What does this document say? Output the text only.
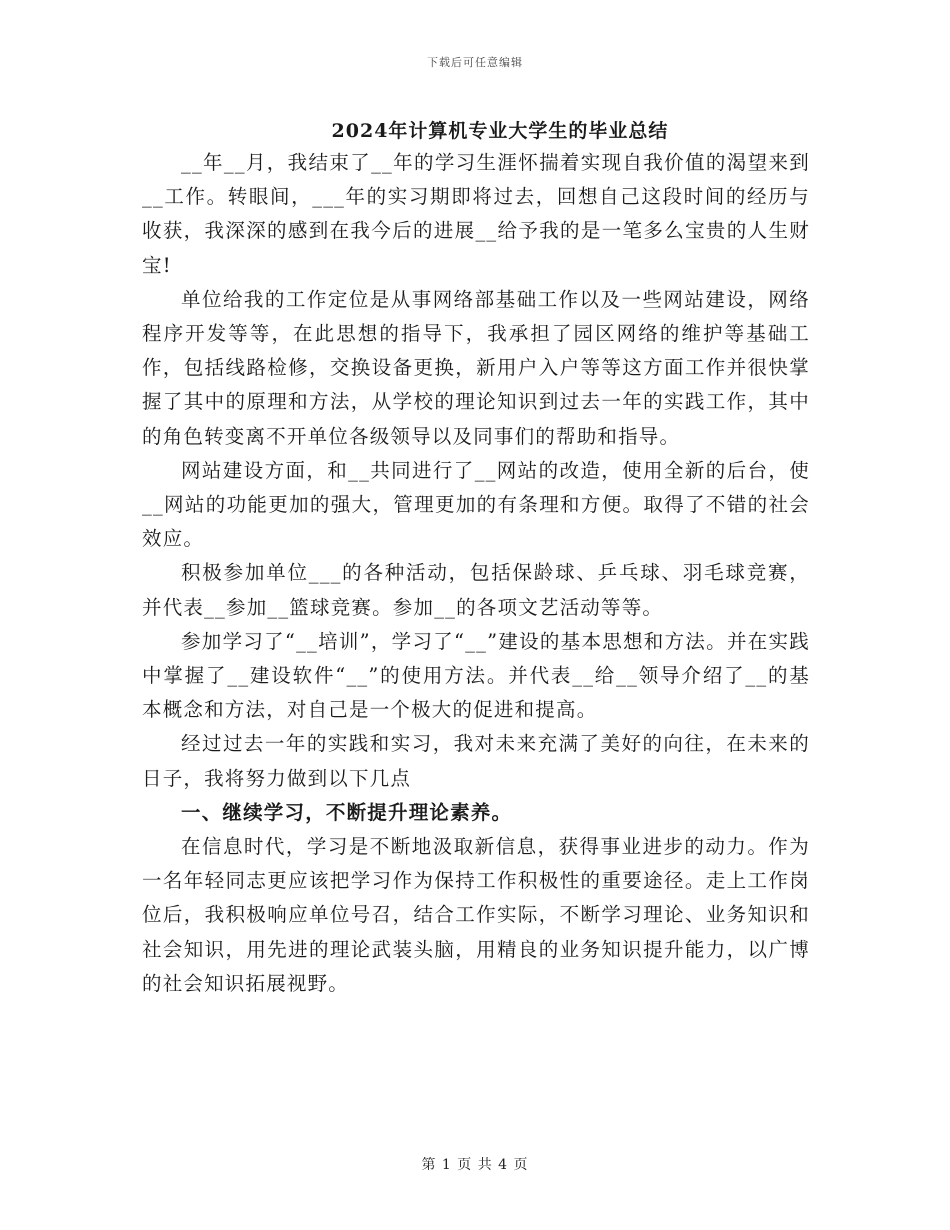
下载后可任意编辑
2024年计算机专业大学生的毕业总结

__年__月，我结束了__年的学习生涯怀揣着实现自我价值的渴望来到__工作。转眼间，___年的实习期即将过去，回想自己这段时间的经历与收获，我深深的感到在我今后的进展__给予我的是一笔多么宝贵的人生财宝!

单位给我的工作定位是从事网络部基础工作以及一些网站建设，网络程序开发等等，在此思想的指导下，我承担了园区网络的维护等基础工作，包括线路检修，交换设备更换，新用户入户等等这方面工作并很快掌握了其中的原理和方法，从学校的理论知识到过去一年的实践工作，其中的角色转变离不开单位各级领导以及同事们的帮助和指导。

网站建设方面，和__共同进行了__网站的改造，使用全新的后台，使__网站的功能更加的强大，管理更加的有条理和方便。取得了不错的社会效应。

积极参加单位___的各种活动，包括保龄球、乒乓球、羽毛球竞赛，并代表__参加__篮球竞赛。参加__的各项文艺活动等等。

参加学习了“__培训”，学习了“__”建设的基本思想和方法。并在实践中掌握了__建设软件“__”的使用方法。并代表__给__领导介绍了__的基本概念和方法，对自己是一个极大的促进和提高。

经过过去一年的实践和实习，我对未来充满了美好的向往，在未来的日子，我将努力做到以下几点

一、继续学习，不断提升理论素养。

在信息时代，学习是不断地汲取新信息，获得事业进步的动力。作为一名年轻同志更应该把学习作为保持工作积极性的重要途径。走上工作岗位后，我积极响应单位号召，结合工作实际，不断学习理论、业务知识和社会知识，用先进的理论武装头脑，用精良的业务知识提升能力，以广博的社会知识拓展视野。

第 1 页 共 4 页
